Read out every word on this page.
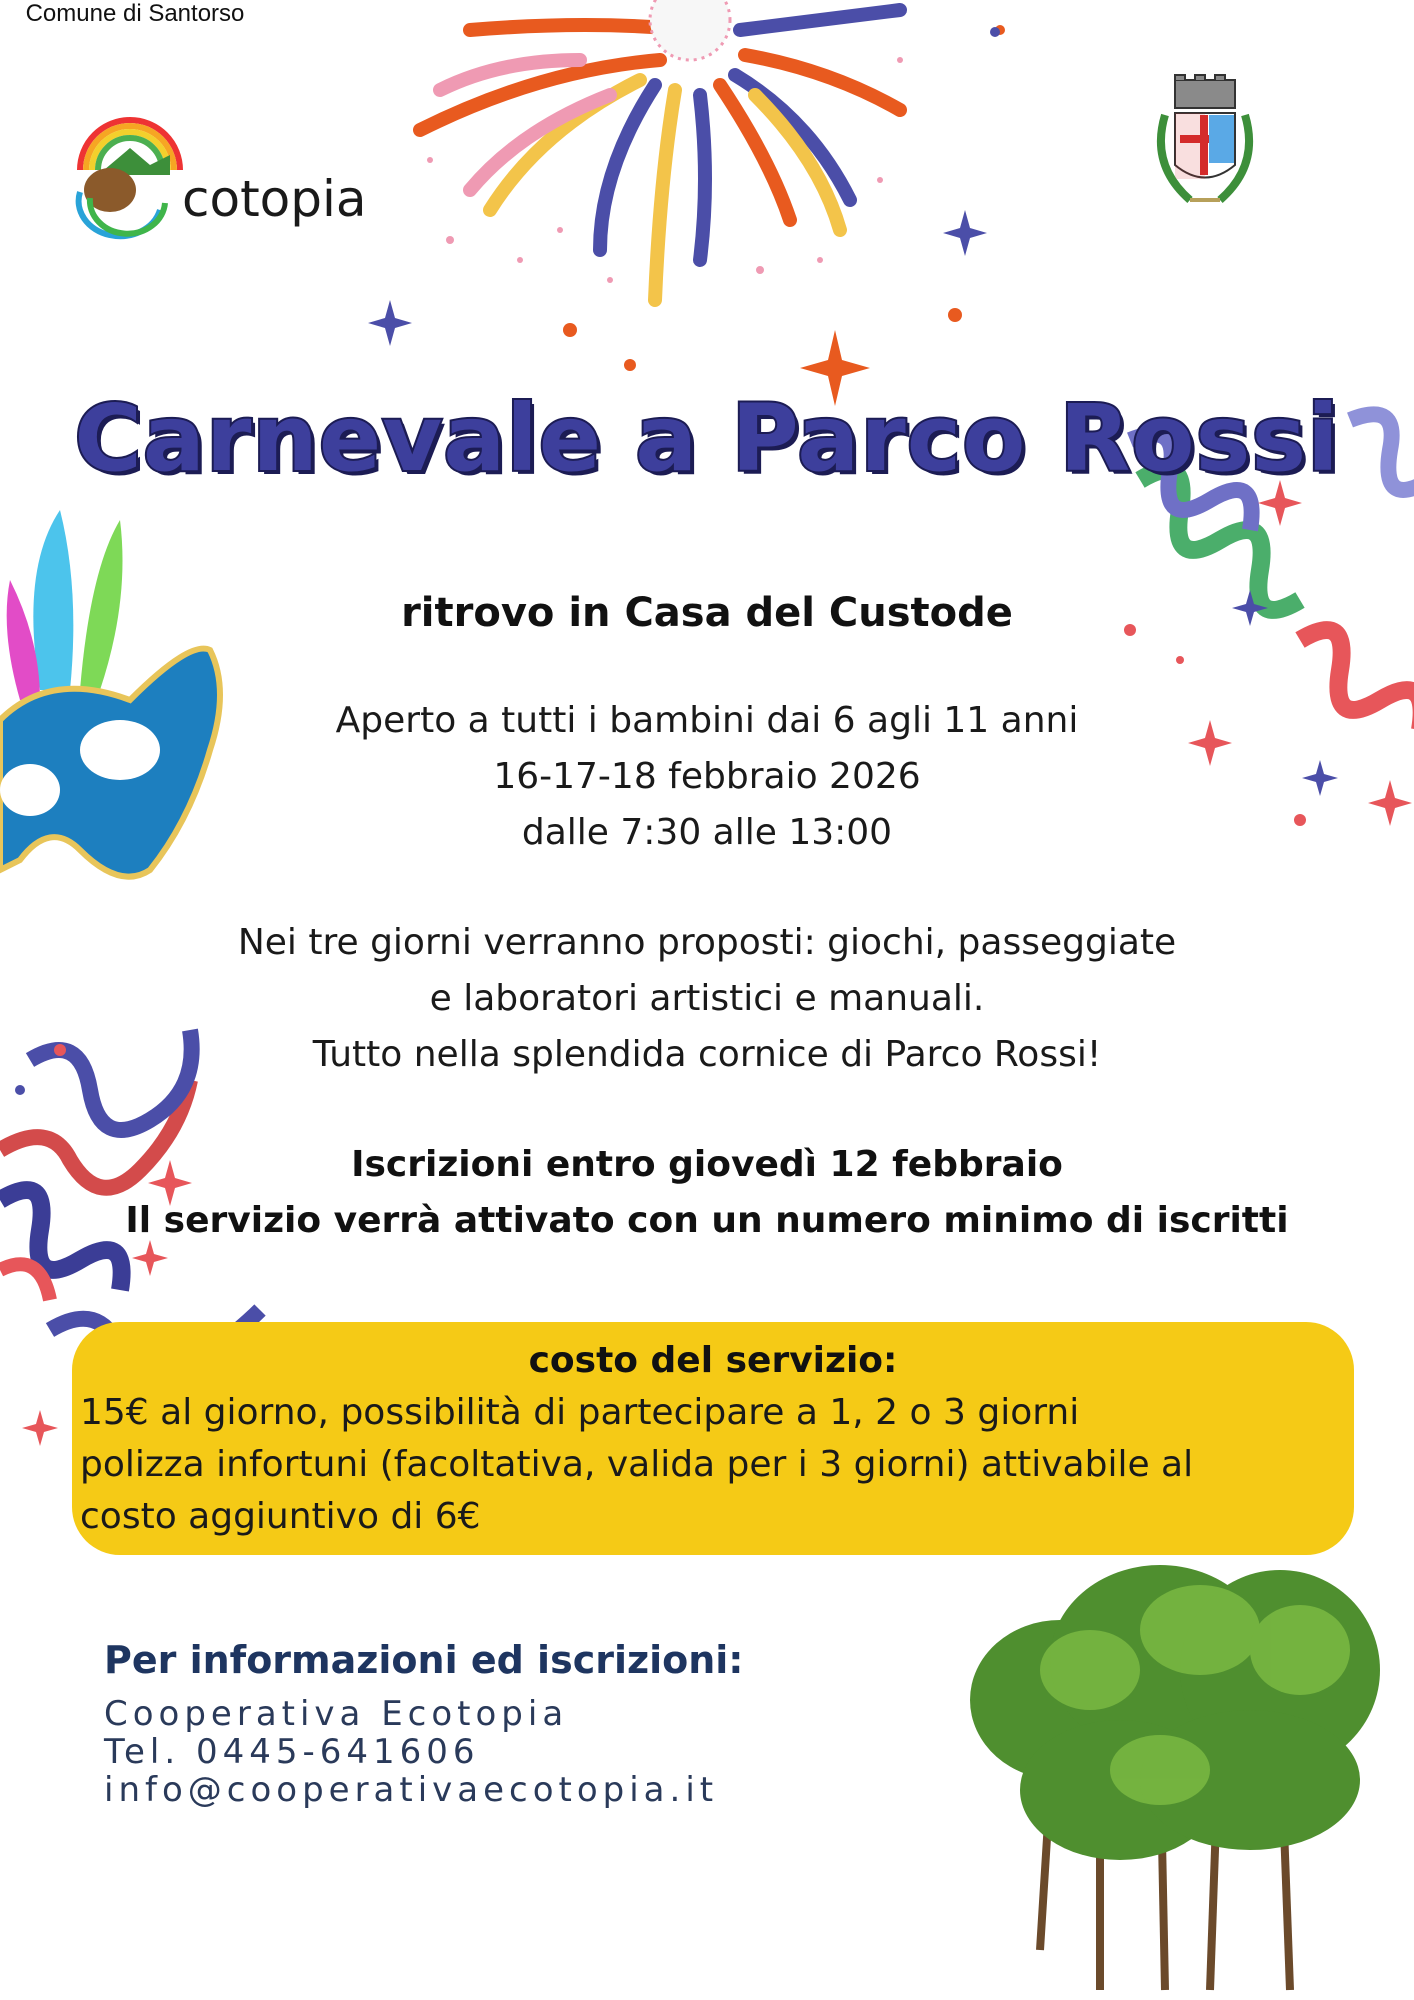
cotopia
Comune di Santorso
Carnevale a Parco Rossi
ritrovo in Casa del Custode
Aperto a tutti i bambini dai 6 agli 11 anni
16-17-18 febbraio 2026
dalle 7:30 alle 13:00
Nei tre giorni verranno proposti: giochi, passeggiate
e laboratori artistici e manuali.
Tutto nella splendida cornice di Parco Rossi!
Iscrizioni entro giovedì 12 febbraio
Il servizio verrà attivato con un numero minimo di iscritti
costo del servizio:
15€ al giorno, possibilità di partecipare a 1, 2 o 3 giorni
polizza infortuni (facoltativa, valida per i 3 giorni) attivabile al
costo aggiuntivo di 6€
Per informazioni ed iscrizioni:
Cooperativa Ecotopia
Tel. 0445-641606
info@cooperativaecotopia.it
